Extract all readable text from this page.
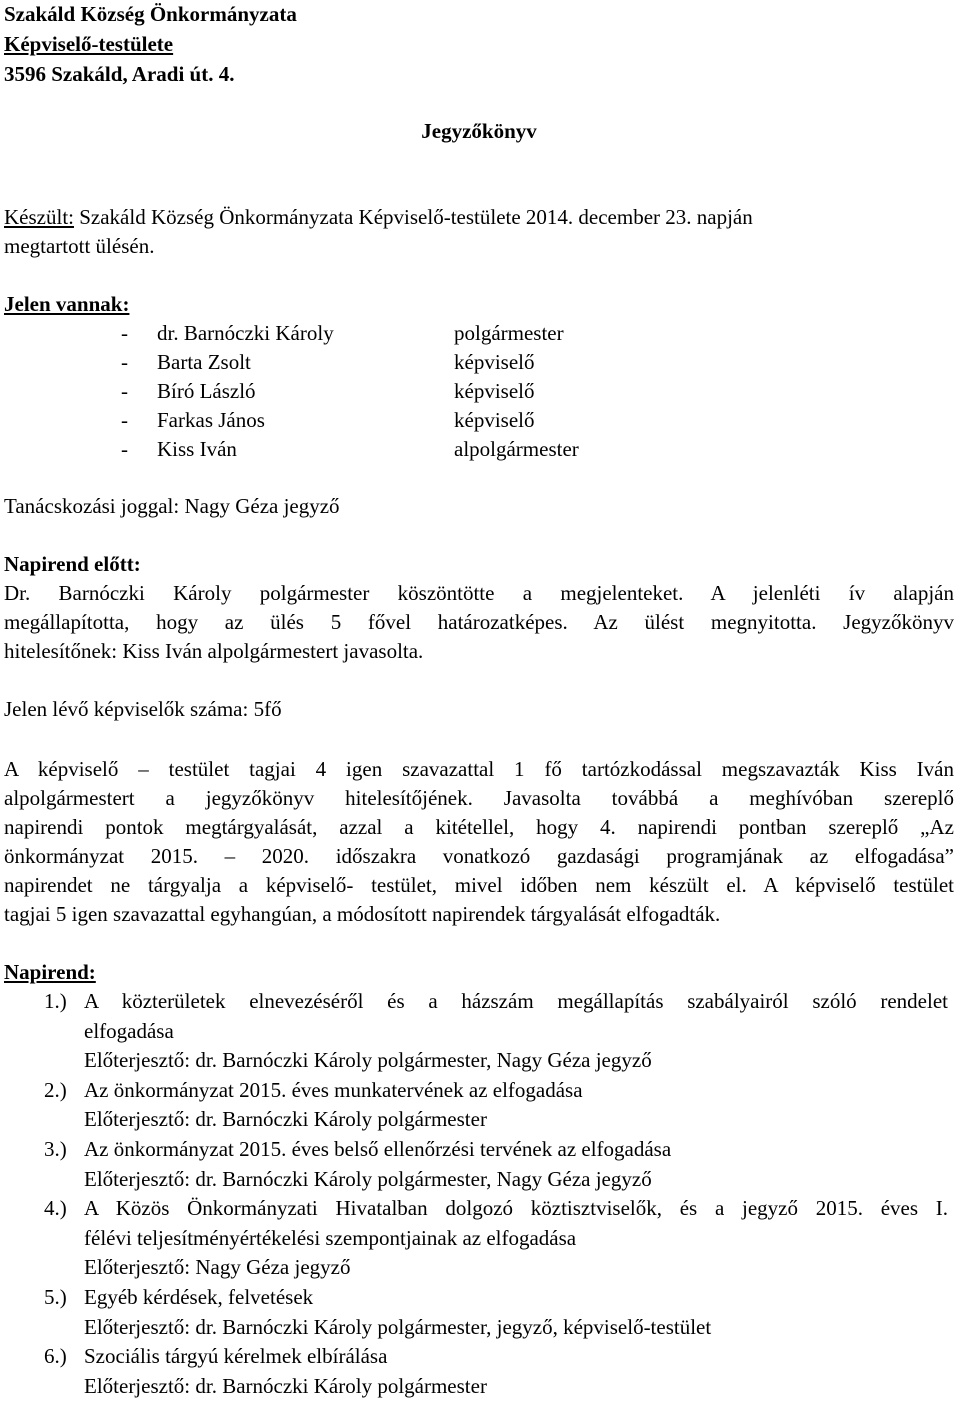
Szakáld Község Önkormányzata
Képviselő-testülete
3596 Szakáld, Aradi út. 4.
Jegyzőkönyv
Készült: Szakáld Község Önkormányzata Képviselő-testülete 2014. december 23. napján
megtartott ülésén.
Jelen vannak:
- dr. Barnóczki Károly	polgármester
- Barta Zsolt	képviselő
- Bíró László	képviselő
- Farkas János	képviselő
- Kiss Iván	alpolgármester
Tanácskozási joggal: Nagy Géza jegyző
Napirend előtt:
Dr. Barnóczki Károly polgármester köszöntötte a megjelenteket. A jelenléti ív alapján
megállapította, hogy az ülés 5 fővel határozatképes. Az ülést megnyitotta. Jegyzőkönyv
hitelesítőnek: Kiss Iván alpolgármestert javasolta.
Jelen lévő képviselők száma: 5fő
A képviselő – testület tagjai 4 igen szavazattal 1 fő tartózkodással megszavazták Kiss Iván
alpolgármestert a jegyzőkönyv hitelesítőjének. Javasolta továbbá a meghívóban szereplő
napirendi pontok megtárgyalását, azzal a kitétellel, hogy 4. napirendi pontban szereplő „Az
önkormányzat 2015. – 2020. időszakra vonatkozó gazdasági programjának az elfogadása”
napirendet ne tárgyalja a képviselő- testület, mivel időben nem készült el. A képviselő testület
tagjai 5 igen szavazattal egyhangúan, a módosított napirendek tárgyalását elfogadták.
Napirend:
1.) A közterületek elnevezéséről és a házszám megállapítás szabályairól szóló rendelet
elfogadása
Előterjesztő: dr. Barnóczki Károly polgármester, Nagy Géza jegyző
2.) Az önkormányzat 2015. éves munkatervének az elfogadása
Előterjesztő: dr. Barnóczki Károly polgármester
3.) Az önkormányzat 2015. éves belső ellenőrzési tervének az elfogadása
Előterjesztő: dr. Barnóczki Károly polgármester, Nagy Géza jegyző
4.) A Közös Önkormányzati Hivatalban dolgozó köztisztviselők, és a jegyző 2015. éves I.
félévi teljesítményértékelési szempontjainak az elfogadása
Előterjesztő: Nagy Géza jegyző
5.) Egyéb kérdések, felvetések
Előterjesztő: dr. Barnóczki Károly polgármester, jegyző, képviselő-testület
6.) Szociális tárgyú kérelmek elbírálása
Előterjesztő: dr. Barnóczki Károly polgármester
